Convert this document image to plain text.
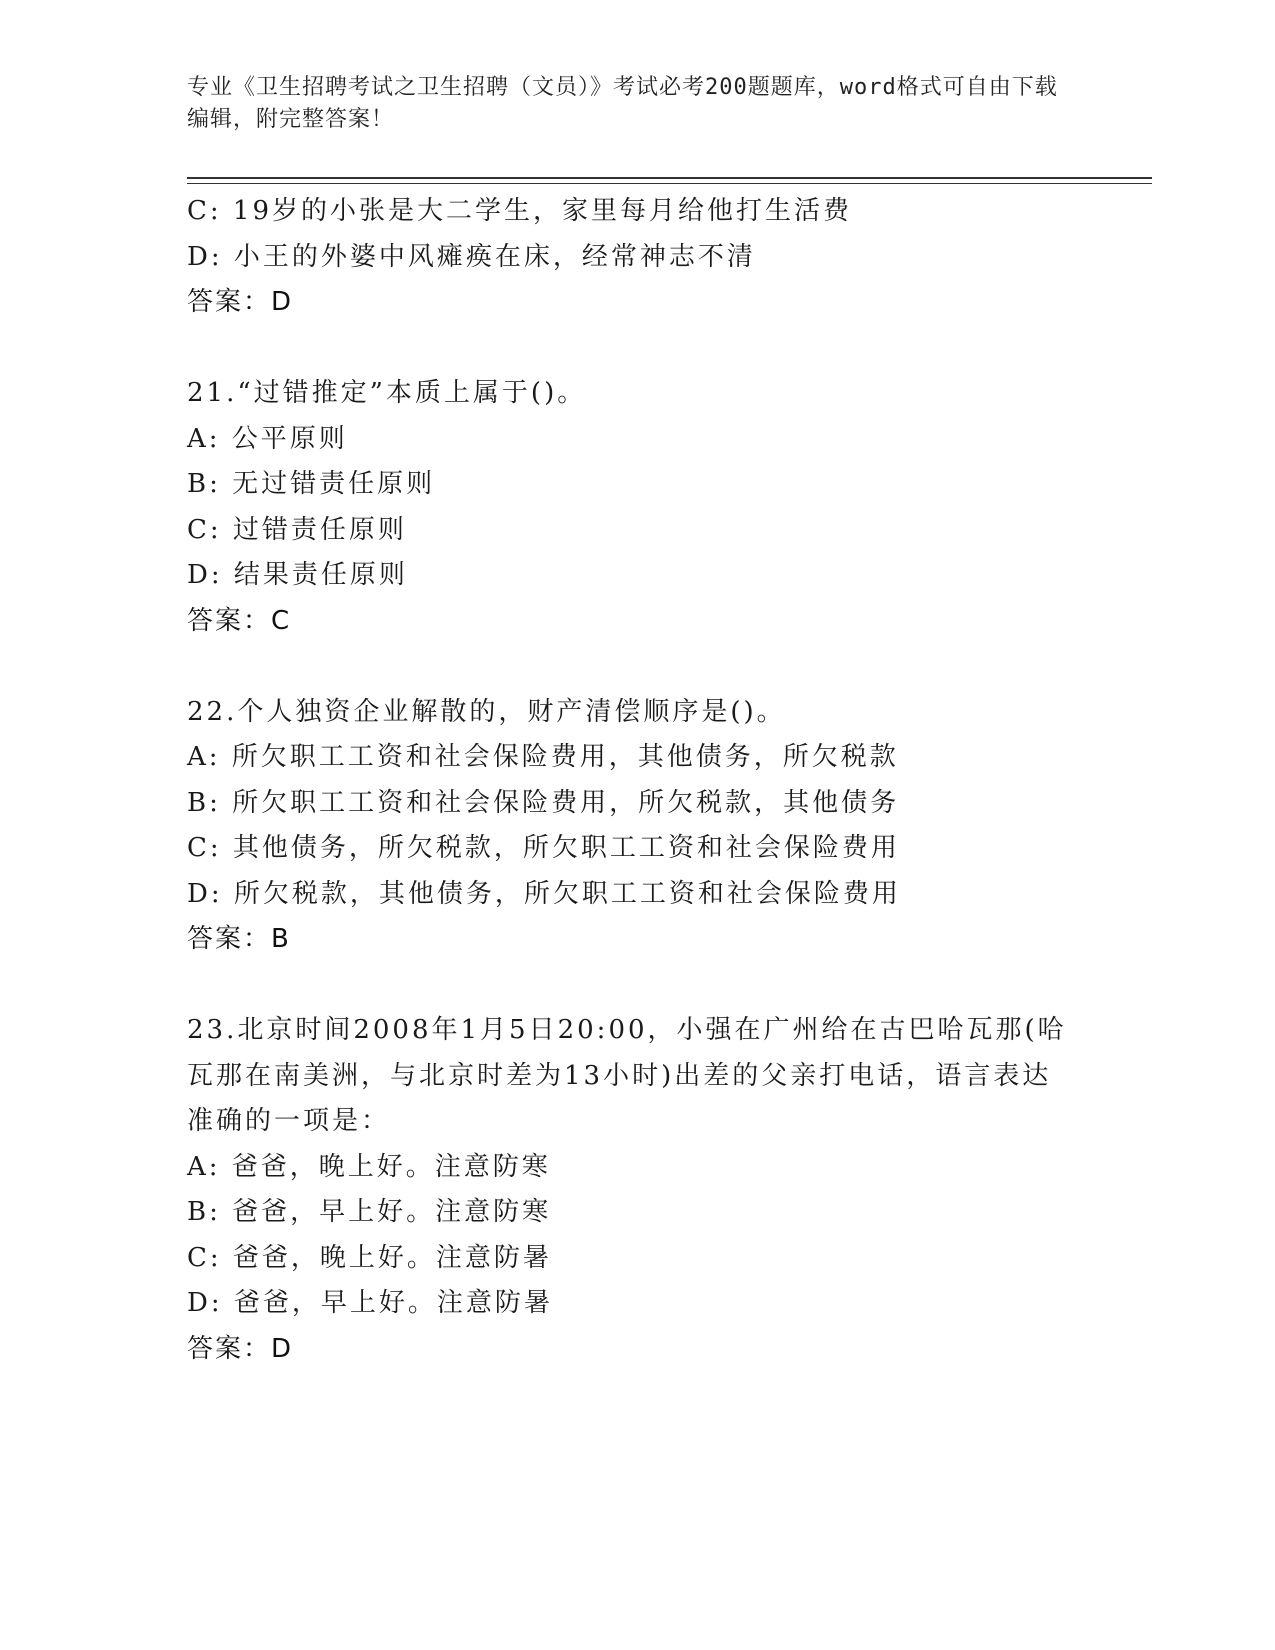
专业《卫生招聘考试之卫生招聘（文员）》考试必考200题题库，word格式可自由下载编辑，附完整答案！
C: 19岁的小张是大二学生，家里每月给他打生活费
D: 小王的外婆中风瘫痪在床，经常神志不清
答案：D
21.“过错推定”本质上属于()。
A: 公平原则
B: 无过错责任原则
C: 过错责任原则
D: 结果责任原则
答案：C
22.个人独资企业解散的，财产清偿顺序是()。
A: 所欠职工工资和社会保险费用，其他债务，所欠税款
B: 所欠职工工资和社会保险费用，所欠税款，其他债务
C: 其他债务，所欠税款，所欠职工工资和社会保险费用
D: 所欠税款，其他债务，所欠职工工资和社会保险费用
答案：B
23.北京时间2008年1月5日20:00，小强在广州给在古巴哈瓦那(哈瓦那在南美洲，与北京时差为13小时)出差的父亲打电话，语言表达准确的一项是：
A: 爸爸，晚上好。注意防寒
B: 爸爸，早上好。注意防寒
C: 爸爸，晚上好。注意防暑
D: 爸爸，早上好。注意防暑
答案：D
